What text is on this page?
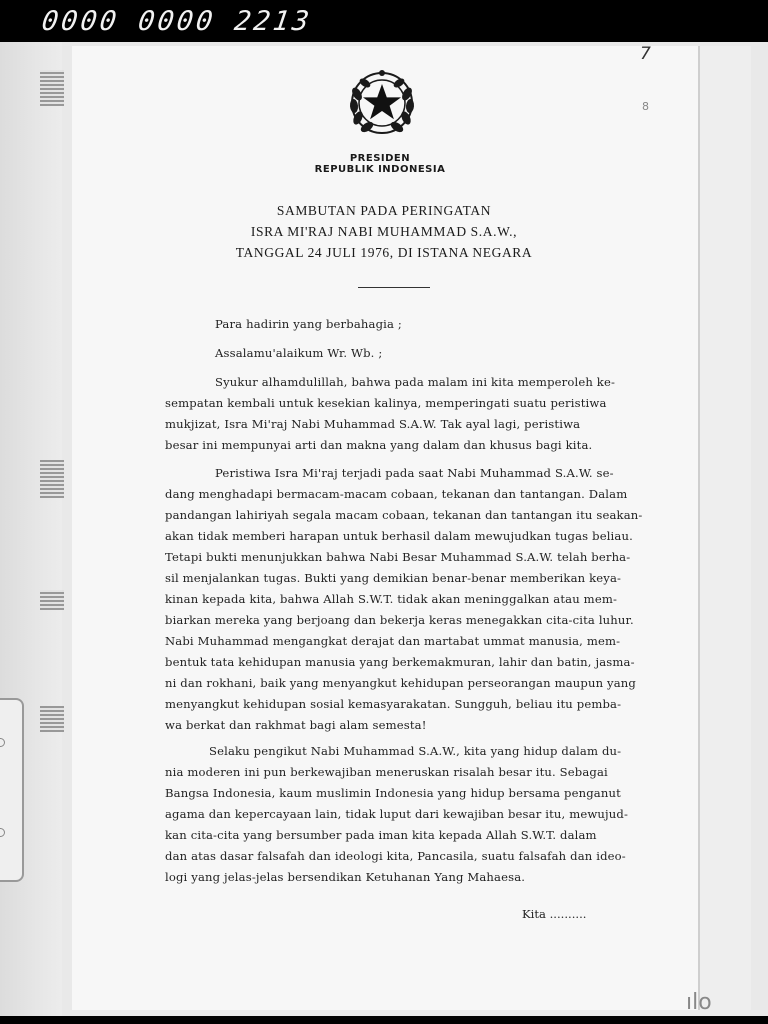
0000 0000 2213
7
8
PRESIDEN
REPUBLIK INDONESIA
SAMBUTAN PADA PERINGATAN
ISRA MI'RAJ NABI MUHAMMAD S.A.W.,
TANGGAL 24 JULI 1976, DI ISTANA NEGARA
Para hadirin yang berbahagia ;
Assalamu'alaikum Wr. Wb. ;
Syukur alhamdulillah, bahwa pada malam ini kita memperoleh ke-
sempatan kembali untuk kesekian kalinya, memperingati suatu peristiwa
mukjizat, Isra Mi'raj Nabi Muhammad S.A.W. Tak ayal lagi, peristiwa
besar ini mempunyai arti dan makna yang dalam dan khusus bagi kita.
Peristiwa Isra Mi'raj terjadi pada saat Nabi Muhammad S.A.W. se-
dang menghadapi bermacam-macam cobaan, tekanan dan tantangan. Dalam
pandangan lahiriyah segala macam cobaan, tekanan dan tantangan itu seakan-
akan tidak memberi harapan untuk berhasil dalam mewujudkan tugas beliau.
Tetapi bukti menunjukkan bahwa Nabi Besar Muhammad S.A.W. telah berha-
sil menjalankan tugas. Bukti yang demikian benar-benar memberikan keya-
kinan kepada kita, bahwa Allah S.W.T. tidak akan meninggalkan atau mem-
biarkan mereka yang berjoang dan bekerja keras menegakkan cita-cita luhur.
Nabi Muhammad mengangkat derajat dan martabat ummat manusia, mem-
bentuk tata kehidupan manusia yang berkemakmuran, lahir dan batin, jasma-
ni dan rokhani, baik yang menyangkut kehidupan perseorangan maupun yang
menyangkut kehidupan sosial kemasyarakatan. Sungguh, beliau itu pemba-
wa berkat dan rakhmat bagi alam semesta!
Selaku pengikut Nabi Muhammad S.A.W., kita yang hidup dalam du-
nia moderen ini pun berkewajiban meneruskan risalah besar itu. Sebagai
Bangsa Indonesia, kaum muslimin Indonesia yang hidup bersama penganut
agama dan kepercayaan lain, tidak luput dari kewajiban besar itu, mewujud-
kan cita-cita yang bersumber pada iman kita kepada Allah S.W.T. dalam
dan atas dasar falsafah dan ideologi kita, Pancasila, suatu falsafah dan ideo-
logi yang jelas-jelas bersendikan Ketuhanan Yang Mahaesa.
Kita ..........
ılo
